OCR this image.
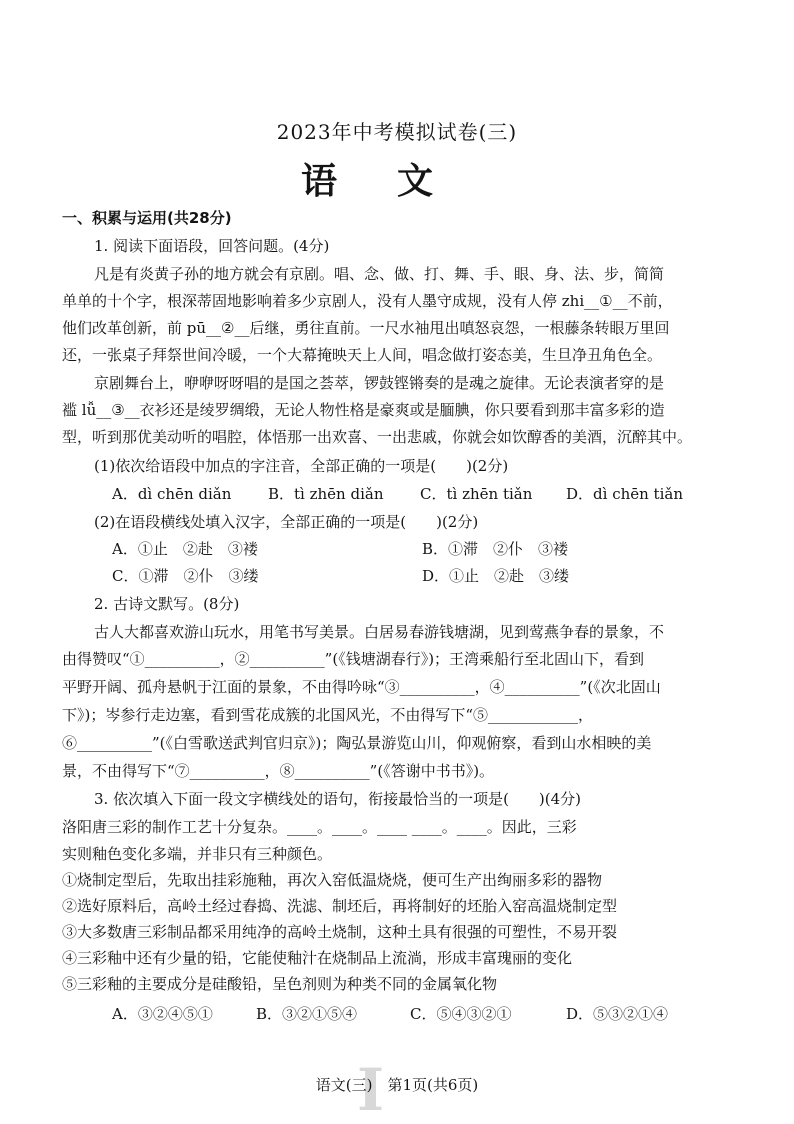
2023年中考模拟试卷(三)
语文
一、积累与运用(共28分)
1. 阅读下面语段，回答问题。(4分)
凡是有炎黄子孙的地方就会有京剧。唱、念、做、打、舞、手、眼、身、法、步，简简
单单的十个字，根深蒂固地影响着多少京剧人，没有人墨守成规，没有人停 zhi__①__不前，
他们改革创新，前 pū__②__后继，勇往直前。一尺水袖甩出嗔怒哀怨，一根藤条转眼万里回
还，一张桌子拜祭世间冷暖，一个大幕掩映天上人间，唱念做打姿态美，生旦净丑角色全。
京剧舞台上，咿咿呀呀唱的是国之荟萃，锣鼓铿锵奏的是魂之旋律。无论表演者穿的是
褴 lǚ__③__衣衫还是绫罗绸缎，无论人物性格是豪爽或是腼腆，你只要看到那丰富多彩的造
型，听到那优美动听的唱腔，体悟那一出欢喜、一出悲戚，你就会如饮醇香的美酒，沉醉其中。
(1)依次给语段中加点的字注音，全部正确的一项是(　　)(2分)
A．dì chēn diǎn B．tì zhēn diǎn C．tì zhēn tiǎn D．dì chēn tiǎn
(2)在语段横线处填入汉字，全部正确的一项是(　　)(2分)
A．①止　②赴　③褛	B．①滞　②仆　③褛
C．①滞　②仆　③缕	D．①止　②赴　③缕
2. 古诗文默写。(8分)
古人大都喜欢游山玩水，用笔书写美景。白居易春游钱塘湖，见到莺燕争春的景象，不
由得赞叹“①__________，②__________”(《钱塘湖春行》)；王湾乘船行至北固山下，看到
平野开阔、孤舟悬帆于江面的景象，不由得吟咏“③__________，④__________”(《次北固山
下》)；岑参行走边塞，看到雪花成簇的北国风光，不由得写下“⑤____________，
⑥__________”(《白雪歌送武判官归京》)；陶弘景游览山川，仰观俯察，看到山水相映的美
景，不由得写下“⑦__________，⑧__________”(《答谢中书书》)。
3. 依次填入下面一段文字横线处的语句，衔接最恰当的一项是(　　)(4分)
洛阳唐三彩的制作工艺十分复杂。____。____。____ ____。____。因此，三彩
实则釉色变化多端，并非只有三种颜色。
①烧制定型后，先取出挂彩施釉，再次入窑低温烧烧，便可生产出绚丽多彩的器物
②选好原料后，高岭土经过舂捣、洗滤、制坯后，再将制好的坯胎入窑高温烧制定型
③大多数唐三彩制品都采用纯净的高岭土烧制，这种土具有很强的可塑性，不易开裂
④三彩釉中还有少量的铅，它能使釉汁在烧制品上流淌，形成丰富瑰丽的变化
⑤三彩釉的主要成分是硅酸铅，呈色剂则为种类不同的金属氧化物
A．③②④⑤①	B．③②①⑤④	C．⑤④③②①	D．⑤③②①④
I
语文(三)　第1页(共6页)
